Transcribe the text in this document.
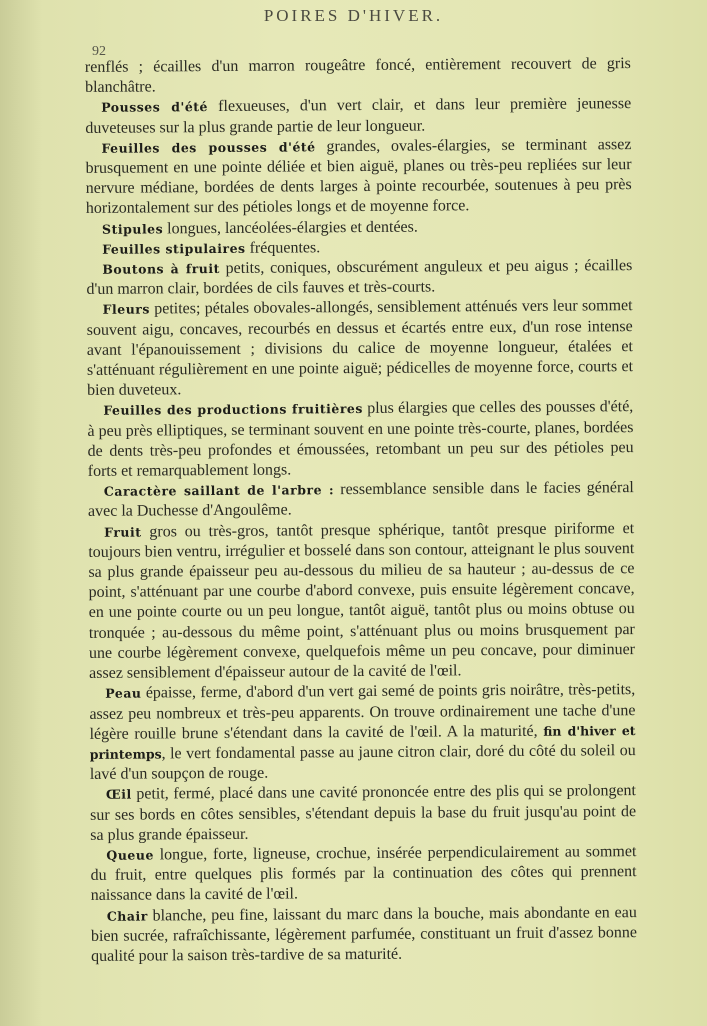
POIRES D'HIVER.
92

renflés ; écailles d'un marron rougeâtre foncé, entièrement recouvert de gris blanchâtre.

Pousses d'été flexueuses, d'un vert clair, et dans leur première jeunesse duveteuses sur la plus grande partie de leur longueur.

Feuilles des pousses d'été grandes, ovales-élargies, se terminant assez brusquement en une pointe déliée et bien aiguë, planes ou très-peu repliées sur leur nervure médiane, bordées de dents larges à pointe recourbée, soutenues à peu près horizontalement sur des pétioles longs et de moyenne force.

Stipules longues, lancéolées-élargies et dentées.

Feuilles stipulaires fréquentes.

Boutons à fruit petits, coniques, obscurément anguleux et peu aigus ; écailles d'un marron clair, bordées de cils fauves et très-courts.

Fleurs petites; pétales obovales-allongés, sensiblement atténués vers leur sommet souvent aigu, concaves, recourbés en dessus et écartés entre eux, d'un rose intense avant l'épanouissement ; divisions du calice de moyenne longueur, étalées et s'atténuant régulièrement en une pointe aiguë; pédicelles de moyenne force, courts et bien duveteux.

Feuilles des productions fruitières plus élargies que celles des pousses d'été, à peu près elliptiques, se terminant souvent en une pointe très-courte, planes, bordées de dents très-peu profondes et émoussées, retombant un peu sur des pétioles peu forts et remarquablement longs.

Caractère saillant de l'arbre : ressemblance sensible dans le facies général avec la Duchesse d'Angoulême.

Fruit gros ou très-gros, tantôt presque sphérique, tantôt presque piriforme et toujours bien ventru, irrégulier et bosselé dans son contour, atteignant le plus souvent sa plus grande épaisseur peu au-dessous du milieu de sa hauteur ; au-dessus de ce point, s'atténuant par une courbe d'abord convexe, puis ensuite légèrement concave, en une pointe courte ou un peu longue, tantôt aiguë, tantôt plus ou moins obtuse ou tronquée ; au-dessous du même point, s'atténuant plus ou moins brusquement par une courbe légèrement convexe, quelquefois même un peu concave, pour diminuer assez sensiblement d'épaisseur autour de la cavité de l'œil.

Peau épaisse, ferme, d'abord d'un vert gai semé de points gris noirâtre, très-petits, assez peu nombreux et très-peu apparents. On trouve ordinairement une tache d'une légère rouille brune s'étendant dans la cavité de l'œil. A la maturité, fin d'hiver et printemps, le vert fondamental passe au jaune citron clair, doré du côté du soleil ou lavé d'un soupçon de rouge.

Œil petit, fermé, placé dans une cavité prononcée entre des plis qui se prolongent sur ses bords en côtes sensibles, s'étendant depuis la base du fruit jusqu'au point de sa plus grande épaisseur.

Queue longue, forte, ligneuse, crochue, insérée perpendiculairement au sommet du fruit, entre quelques plis formés par la continuation des côtes qui prennent naissance dans la cavité de l'œil.

Chair blanche, peu fine, laissant du marc dans la bouche, mais abondante en eau bien sucrée, rafraîchissante, légèrement parfumée, constituant un fruit d'assez bonne qualité pour la saison très-tardive de sa maturité.
